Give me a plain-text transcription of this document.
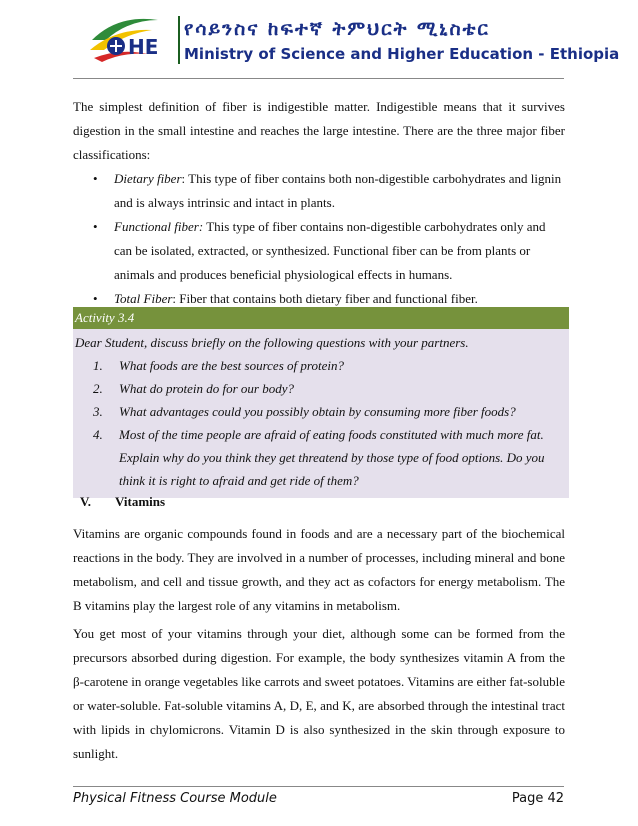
HE
የሳይንስና ከፍተኛ ትምህርት ሚኒስቴር
Ministry of Science and Higher Education - Ethiopia

The simplest definition of fiber is indigestible matter. Indigestible means that it survives digestion in the small intestine and reaches the large intestine. There are the three major fiber classifications:

• Dietary fiber: This type of fiber contains both non-digestible carbohydrates and lignin and is always intrinsic and intact in plants.
• Functional fiber: This type of fiber contains non-digestible carbohydrates only and can be isolated, extracted, or synthesized. Functional fiber can be from plants or animals and produces beneficial physiological effects in humans.
• Total Fiber: Fiber that contains both dietary fiber and functional fiber.
Activity 3.4
Dear Student, discuss briefly on the following questions with your partners.
1. What foods are the best sources of protein?
2. What do protein do for our body?
3. What advantages could you possibly obtain by consuming more fiber foods?
4. Most of the time people are afraid of eating foods constituted with much more fat. Explain why do you think they get threatend by those type of food options. Do you think it is right to afraid and get ride of them?
V. Vitamins

Vitamins are organic compounds found in foods and are a necessary part of the biochemical reactions in the body. They are involved in a number of processes, including mineral and bone metabolism, and cell and tissue growth, and they act as cofactors for energy metabolism. The B vitamins play the largest role of any vitamins in metabolism.

You get most of your vitamins through your diet, although some can be formed from the precursors absorbed during digestion. For example, the body synthesizes vitamin A from the β-carotene in orange vegetables like carrots and sweet potatoes. Vitamins are either fat-soluble or water-soluble. Fat-soluble vitamins A, D, E, and K, are absorbed through the intestinal tract with lipids in chylomicrons. Vitamin D is also synthesized in the skin through exposure to sunlight.

Physical Fitness Course Module	Page 42
